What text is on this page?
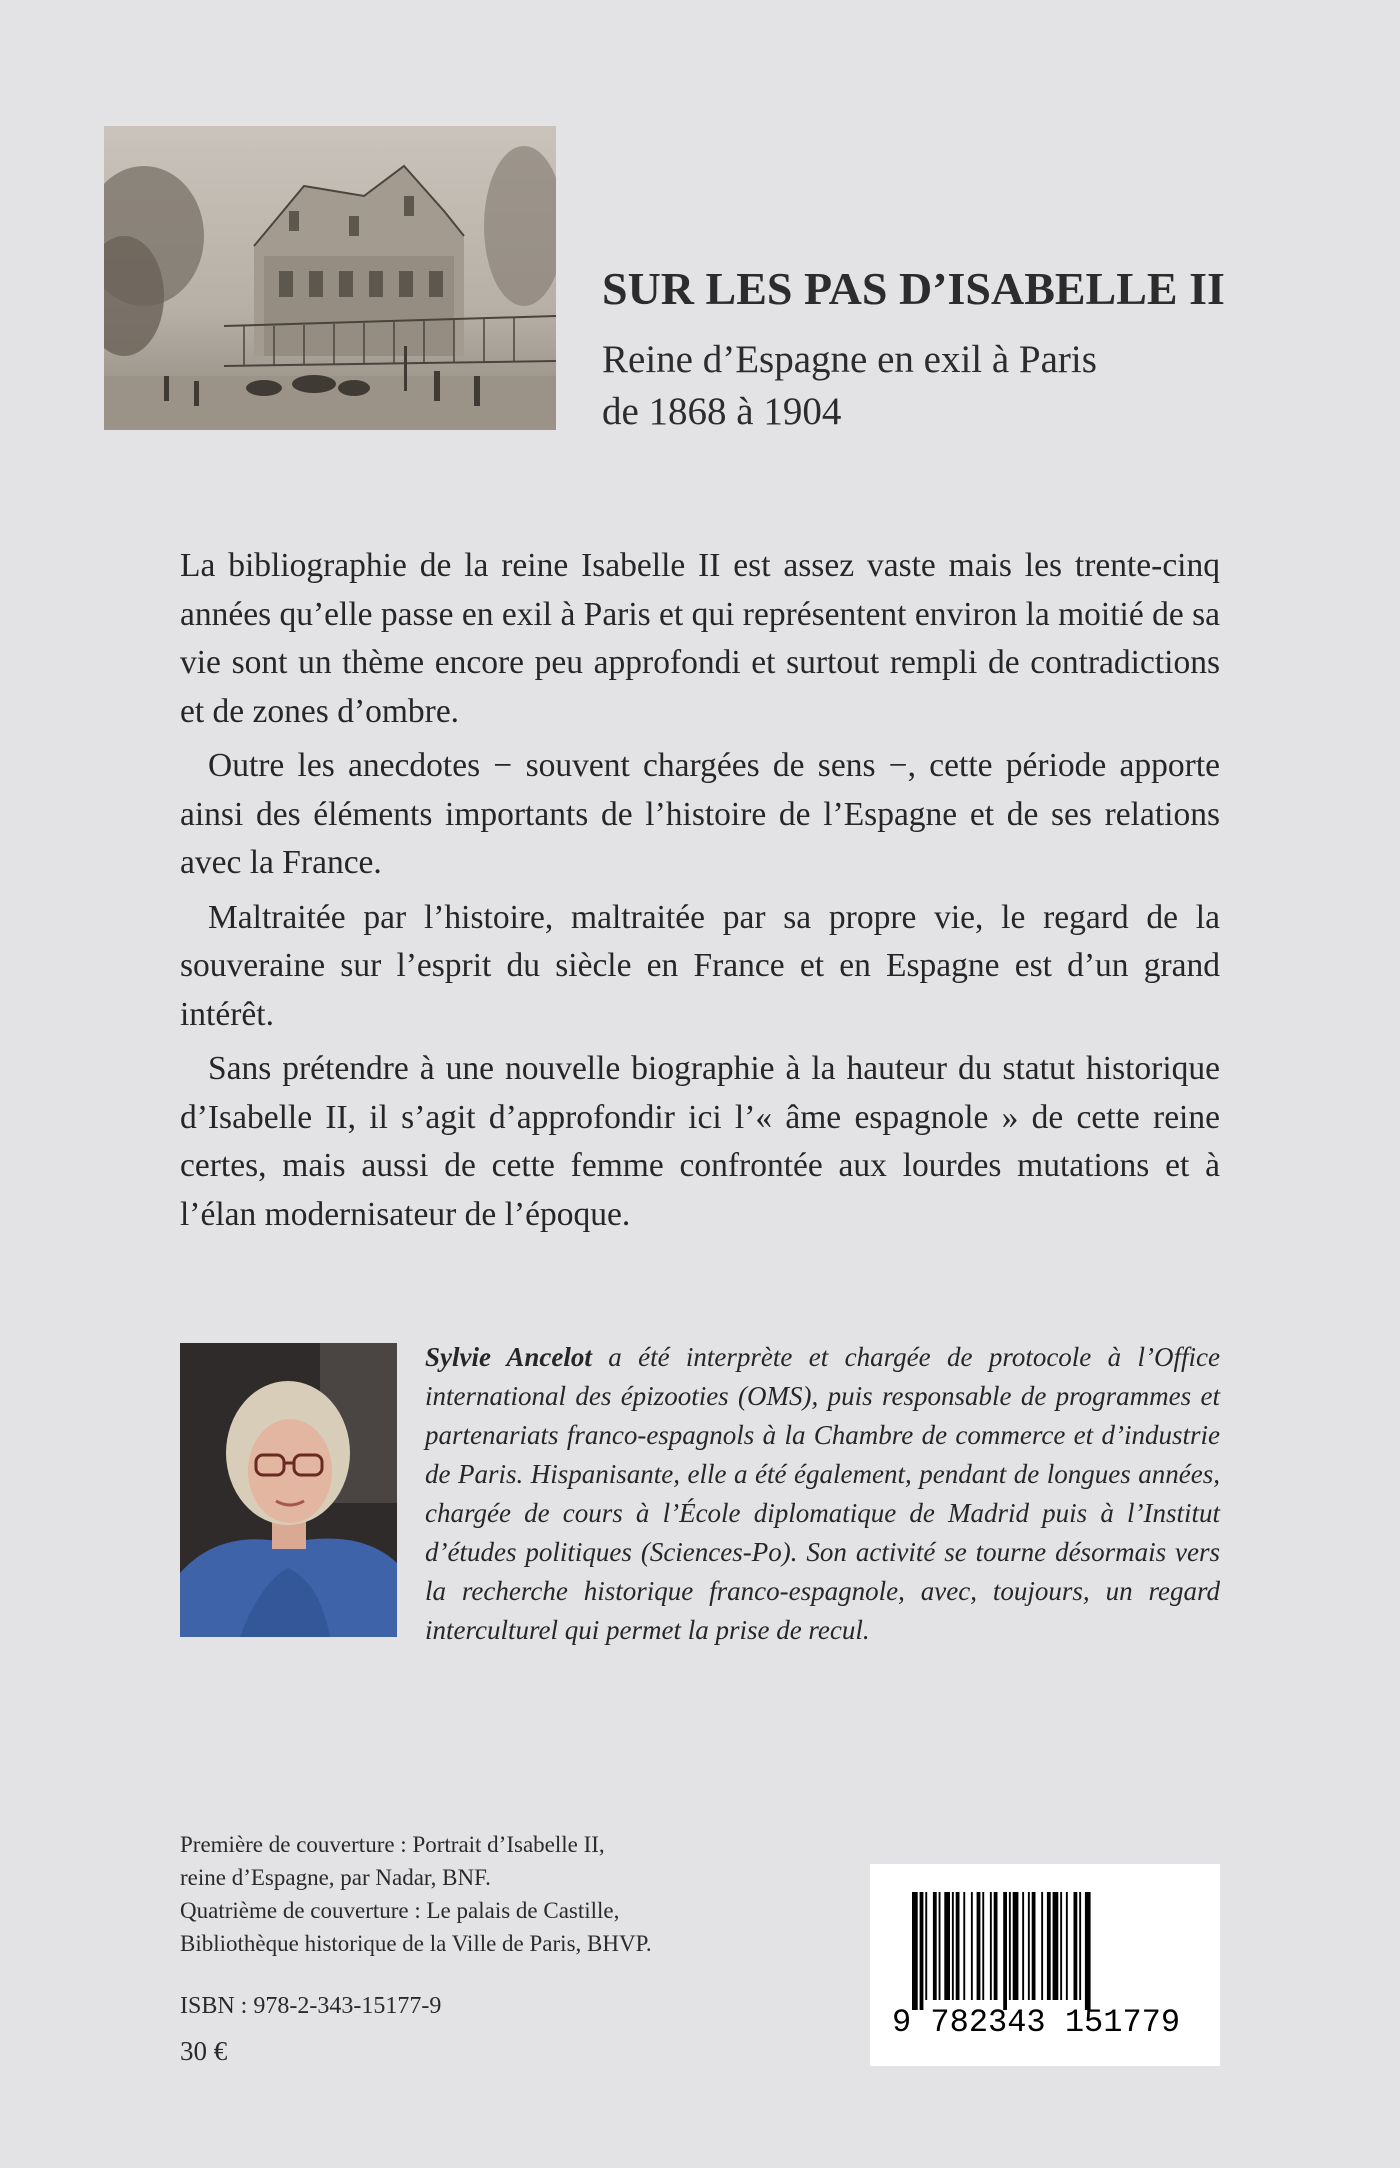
SUR LES PAS D’ISABELLE II
Reine d’Espagne en exil à Paris
de 1868 à 1904

La bibliographie de la reine Isabelle II est assez vaste mais les trente-cinq années qu’elle passe en exil à Paris et qui représentent environ la moitié de sa vie sont un thème encore peu approfondi et surtout rempli de contradictions et de zones d’ombre.

Outre les anecdotes − souvent chargées de sens −, cette période apporte ainsi des éléments importants de l’histoire de l’Espagne et de ses relations avec la France.

Maltraitée par l’histoire, maltraitée par sa propre vie, le regard de la souveraine sur l’esprit du siècle en France et en Espagne est d’un grand intérêt.

Sans prétendre à une nouvelle biographie à la hauteur du statut historique d’Isabelle II, il s’agit d’approfondir ici l’« âme espagnole » de cette reine certes, mais aussi de cette femme confrontée aux lourdes mutations et à l’élan modernisateur de l’époque.

Sylvie Ancelot a été interprète et chargée de protocole à l’Office international des épizooties (OMS), puis responsable de programmes et partenariats franco-espagnols à la Chambre de commerce et d’industrie de Paris. Hispanisante, elle a été également, pendant de longues années, chargée de cours à l’École diplomatique de Madrid puis à l’Institut d’études politiques (Sciences-Po). Son activité se tourne désormais vers la recherche historique franco-espagnole, avec, toujours, un regard interculturel qui permet la prise de recul.
Première de couverture : Portrait d’Isabelle II,
reine d’Espagne, par Nadar, BNF.
Quatrième de couverture : Le palais de Castille,
Bibliothèque historique de la Ville de Paris, BHVP.
ISBN : 978-2-343-15177-9
30 €
9 782343 151779
